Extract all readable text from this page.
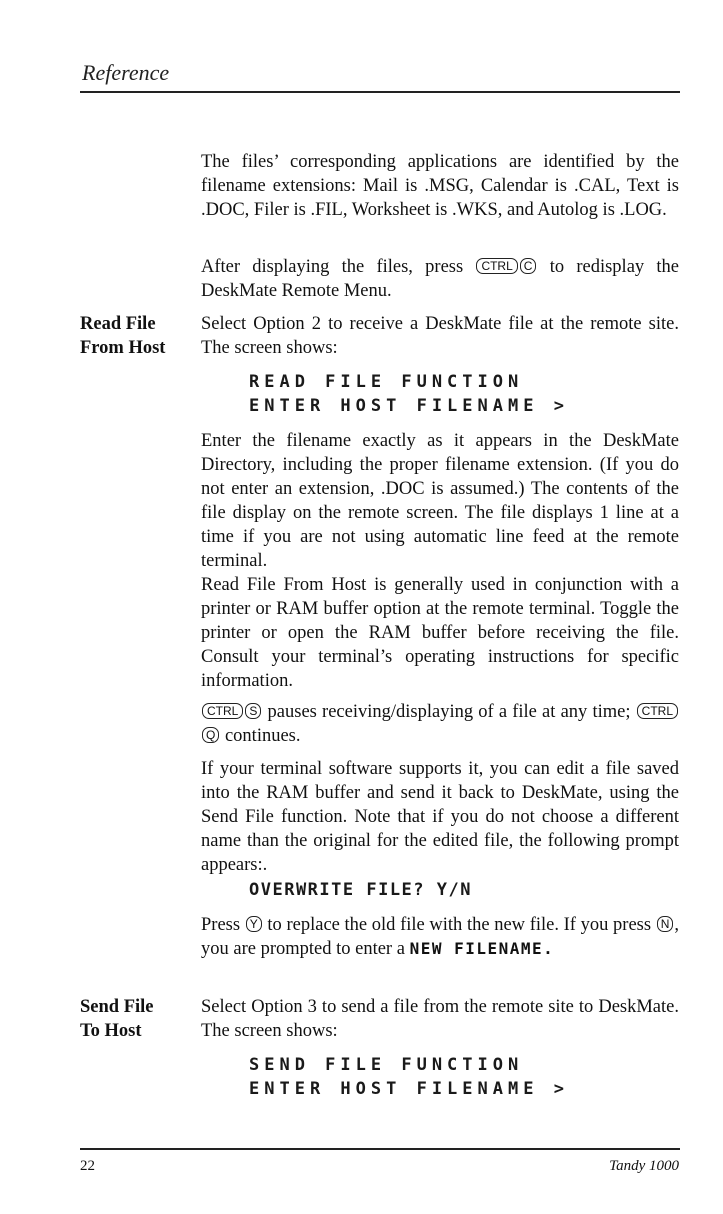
Reference

The files’ corresponding applications are identified by the filename extensions: Mail is .MSG, Calendar is .CAL, Text is .DOC, Filer is .FIL, Worksheet is .WKS, and Autolog is .LOG.

After displaying the files, press CTRL C to redisplay the DeskMate Remote Menu.

Read File
From Host

Select Option 2 to receive a DeskMate file at the remote site. The screen shows:

READ FILE FUNCTION
ENTER HOST FILENAME >

Enter the filename exactly as it appears in the DeskMate Directory, including the proper filename extension. (If you do not enter an extension, .DOC is assumed.) The contents of the file display on the remote screen. The file displays 1 line at a time if you are not using automatic line feed at the remote terminal.

Read File From Host is generally used in conjunction with a printer or RAM buffer option at the remote terminal. Toggle the printer or open the RAM buffer before receiving the file. Consult your terminal’s operating instructions for specific information.

CTRL S pauses receiving/displaying of a file at any time; CTRLQ continues.

If your terminal software supports it, you can edit a file saved into the RAM buffer and send it back to DeskMate, using the Send File function. Note that if you do not choose a different name than the original for the edited file, the following prompt appears:.

OVERWRITE FILE? Y/N

Press Y to replace the old file with the new file. If you press N , you are prompted to enter a NEW FILENAME.

Send File
To Host

Select Option 3 to send a file from the remote site to DeskMate. The screen shows:

SEND FILE FUNCTION
ENTER HOST FILENAME >
22	Tandy 1000
